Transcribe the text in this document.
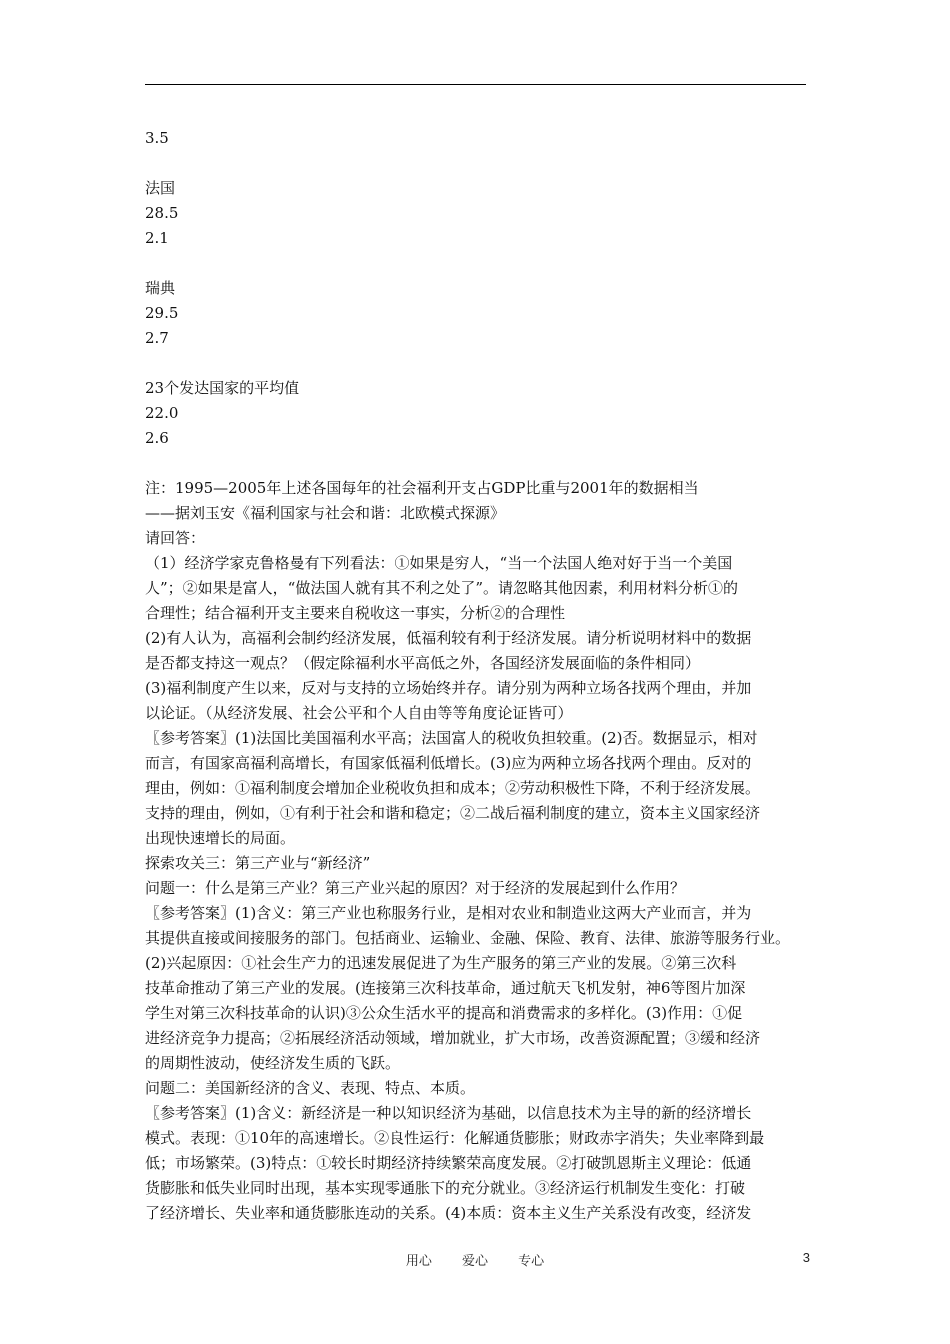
3.5
法国
28.5
2.1
瑞典
29.5
2.7
23个发达国家的平均值
22.0
2.6
注：1995—2005年上述各国每年的社会福利开支占GDP比重与2001年的数据相当
——据刘玉安《福利国家与社会和谐：北欧模式探源》
请回答：
（1）经济学家克鲁格曼有下列看法：①如果是穷人，“当一个法国人绝对好于当一个美国
人”；②如果是富人，“做法国人就有其不利之处了”。请忽略其他因素，利用材料分析①的
合理性；结合福利开支主要来自税收这一事实，分析②的合理性
(2)有人认为，高福利会制约经济发展，低福利较有利于经济发展。请分析说明材料中的数据
是否都支持这一观点？（假定除福利水平高低之外，各国经济发展面临的条件相同）
(3)福利制度产生以来，反对与支持的立场始终并存。请分别为两种立场各找两个理由，并加
以论证。（从经济发展、社会公平和个人自由等等角度论证皆可）
〖参考答案〗(1)法国比美国福利水平高；法国富人的税收负担较重。(2)否。数据显示，相对
而言，有国家高福利高增长，有国家低福利低增长。(3)应为两种立场各找两个理由。反对的
理由，例如：①福利制度会增加企业税收负担和成本；②劳动积极性下降，不利于经济发展。
支持的理由，例如，①有利于社会和谐和稳定；②二战后福利制度的建立，资本主义国家经济
出现快速增长的局面。
探索攻关三：第三产业与“新经济”
问题一：什么是第三产业？第三产业兴起的原因？对于经济的发展起到什么作用？
〖参考答案〗(1)含义：第三产业也称服务行业，是相对农业和制造业这两大产业而言，并为
其提供直接或间接服务的部门。包括商业、运输业、金融、保险、教育、法律、旅游等服务行业。
(2)兴起原因：①社会生产力的迅速发展促进了为生产服务的第三产业的发展。②第三次科
技革命推动了第三产业的发展。(连接第三次科技革命，通过航天飞机发射，神6等图片加深
学生对第三次科技革命的认识)③公众生活水平的提高和消费需求的多样化。(3)作用：①促
进经济竞争力提高；②拓展经济活动领域，增加就业，扩大市场，改善资源配置；③缓和经济
的周期性波动，使经济发生质的飞跃。
问题二：美国新经济的含义、表现、特点、本质。
〖参考答案〗(1)含义：新经济是一种以知识经济为基础，以信息技术为主导的新的经济增长
模式。表现：①10年的高速增长。②良性运行：化解通货膨胀；财政赤字消失；失业率降到最
低；市场繁荣。(3)特点：①较长时期经济持续繁荣高度发展。②打破凯恩斯主义理论：低通
货膨胀和低失业同时出现，基本实现零通胀下的充分就业。③经济运行机制发生变化：打破
了经济增长、失业率和通货膨胀连动的关系。(4)本质：资本主义生产关系没有改变，经济发
用心 爱心 专心	3
